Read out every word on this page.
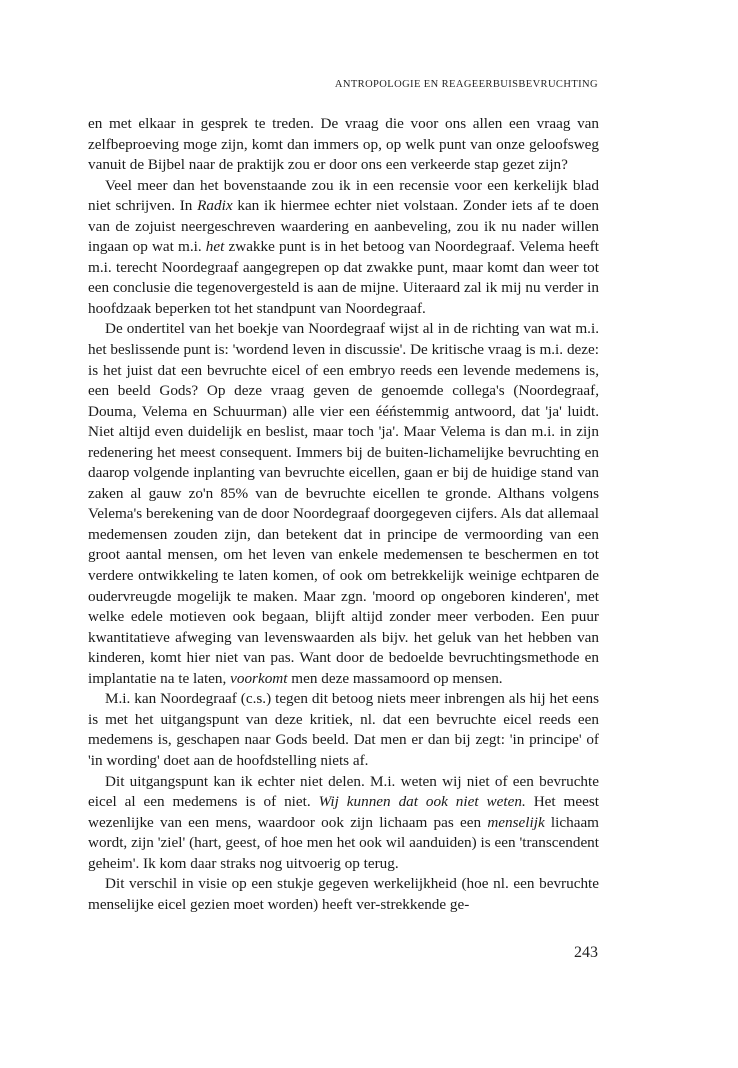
ANTROPOLOGIE EN REAGEERBUISBEVRUCHTING

en met elkaar in gesprek te treden. De vraag die voor ons allen een vraag van zelfbeproeving moge zijn, komt dan immers op, op welk punt van onze geloofsweg vanuit de Bijbel naar de praktijk zou er door ons een verkeerde stap gezet zijn?

Veel meer dan het bovenstaande zou ik in een recensie voor een kerkelijk blad niet schrijven. In Radix kan ik hiermee echter niet volstaan. Zonder iets af te doen van de zojuist neergeschreven waardering en aanbeveling, zou ik nu nader willen ingaan op wat m.i. het zwakke punt is in het betoog van Noordegraaf. Velema heeft m.i. terecht Noordegraaf aangegrepen op dat zwakke punt, maar komt dan weer tot een conclusie die tegenovergesteld is aan de mijne. Uiteraard zal ik mij nu verder in hoofdzaak beperken tot het standpunt van Noordegraaf.

De ondertitel van het boekje van Noordegraaf wijst al in de richting van wat m.i. het beslissende punt is: 'wordend leven in discussie'. De kritische vraag is m.i. deze: is het juist dat een bevruchte eicel of een embryo reeds een levende medemens is, een beeld Gods? Op deze vraag geven de genoemde collega's (Noordegraaf, Douma, Velema en Schuurman) alle vier een ééństemmig antwoord, dat 'ja' luidt. Niet altijd even duidelijk en beslist, maar toch 'ja'. Maar Velema is dan m.i. in zijn redenering het meest consequent. Immers bij de buiten-lichamelijke bevruchting en daarop volgende inplanting van bevruchte eicellen, gaan er bij de huidige stand van zaken al gauw zo'n 85% van de bevruchte eicellen te gronde. Althans volgens Velema's berekening van de door Noordegraaf doorgegeven cijfers. Als dat allemaal medemensen zouden zijn, dan betekent dat in principe de vermoording van een groot aantal mensen, om het leven van enkele medemensen te beschermen en tot verdere ontwikkeling te laten komen, of ook om betrekkelijk weinige echtparen de oudervreugde mogelijk te maken. Maar zgn. 'moord op ongeboren kinderen', met welke edele motieven ook begaan, blijft altijd zonder meer verboden. Een puur kwantitatieve afweging van levenswaarden als bijv. het geluk van het hebben van kinderen, komt hier niet van pas. Want door de bedoelde bevruchtingsmethode en implantatie na te laten, voorkomt men deze massamoord op mensen.

M.i. kan Noordegraaf (c.s.) tegen dit betoog niets meer inbrengen als hij het eens is met het uitgangspunt van deze kritiek, nl. dat een bevruchte eicel reeds een medemens is, geschapen naar Gods beeld. Dat men er dan bij zegt: 'in principe' of 'in wording' doet aan de hoofdstelling niets af.

Dit uitgangspunt kan ik echter niet delen. M.i. weten wij niet of een bevruchte eicel al een medemens is of niet. Wij kunnen dat ook niet weten. Het meest wezenlijke van een mens, waardoor ook zijn lichaam pas een menselijk lichaam wordt, zijn 'ziel' (hart, geest, of hoe men het ook wil aanduiden) is een 'transcendent geheim'. Ik kom daar straks nog uitvoerig op terug.

Dit verschil in visie op een stukje gegeven werkelijkheid (hoe nl. een bevruchte menselijke eicel gezien moet worden) heeft ver-strekkende ge-

243
